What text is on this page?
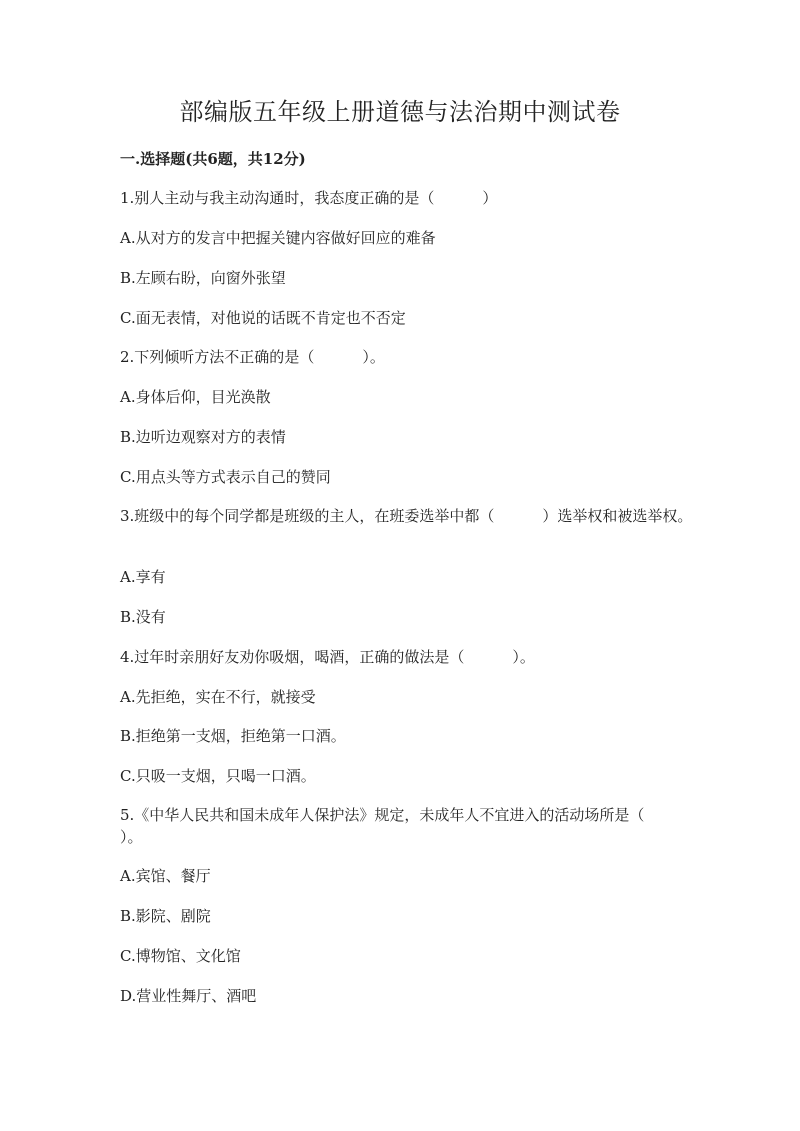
部编版五年级上册道德与法治期中测试卷
一.选择题(共6题，共12分)
1.别人主动与我主动沟通时，我态度正确的是（	）
A.从对方的发言中把握关键内容做好回应的难备
B.左顾右盼，向窗外张望
C.面无表情，对他说的话既不肯定也不否定
2.下列倾听方法不正确的是（	）。
A.身体后仰，目光涣散
B.边听边观察对方的表情
C.用点头等方式表示自己的赞同
3.班级中的每个同学都是班级的主人，在班委选举中都（	）选举权和被选举权。
A.享有
B.没有
4.过年时亲朋好友劝你吸烟，喝酒，正确的做法是（	）。
A.先拒绝，实在不行，就接受
B.拒绝第一支烟，拒绝第一口酒。
C.只吸一支烟，只喝一口酒。
5.《中华人民共和国未成年人保护法》规定，未成年人不宜进入的活动场所是（）。
A.宾馆、餐厅
B.影院、剧院
C.博物馆、文化馆
D.营业性舞厅、酒吧
